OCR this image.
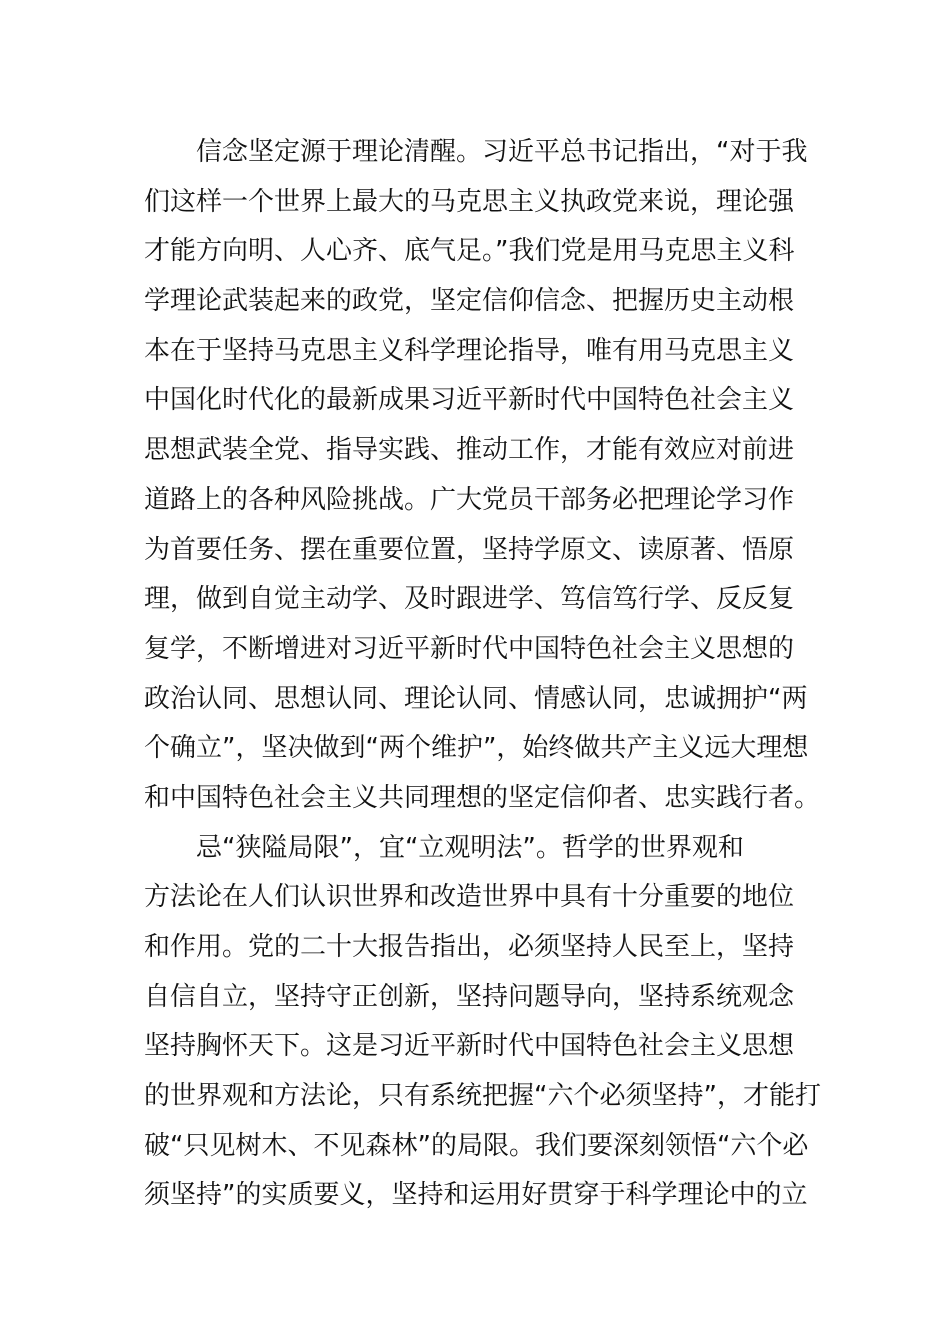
信念坚定源于理论清醒。习近平总书记指出，“对于我
们这样一个世界上最大的马克思主义执政党来说，理论强
才能方向明、人心齐、底气足。”我们党是用马克思主义科
学理论武装起来的政党，坚定信仰信念、把握历史主动根
本在于坚持马克思主义科学理论指导，唯有用马克思主义
中国化时代化的最新成果习近平新时代中国特色社会主义
思想武装全党、指导实践、推动工作，才能有效应对前进
道路上的各种风险挑战。广大党员干部务必把理论学习作
为首要任务、摆在重要位置，坚持学原文、读原著、悟原
理，做到自觉主动学、及时跟进学、笃信笃行学、反反复
复学，不断增进对习近平新时代中国特色社会主义思想的
政治认同、思想认同、理论认同、情感认同，忠诚拥护“两
个确立”，坚决做到“两个维护”，始终做共产主义远大理想
和中国特色社会主义共同理想的坚定信仰者、忠实践行者。
忌“狭隘局限”，宜“立观明法”。哲学的世界观和
方法论在人们认识世界和改造世界中具有十分重要的地位
和作用。党的二十大报告指出，必须坚持人民至上，坚持
自信自立，坚持守正创新，坚持问题导向，坚持系统观念
坚持胸怀天下。这是习近平新时代中国特色社会主义思想
的世界观和方法论，只有系统把握“六个必须坚持”，才能打
破“只见树木、不见森林”的局限。我们要深刻领悟“六个必
须坚持”的实质要义，坚持和运用好贯穿于科学理论中的立
